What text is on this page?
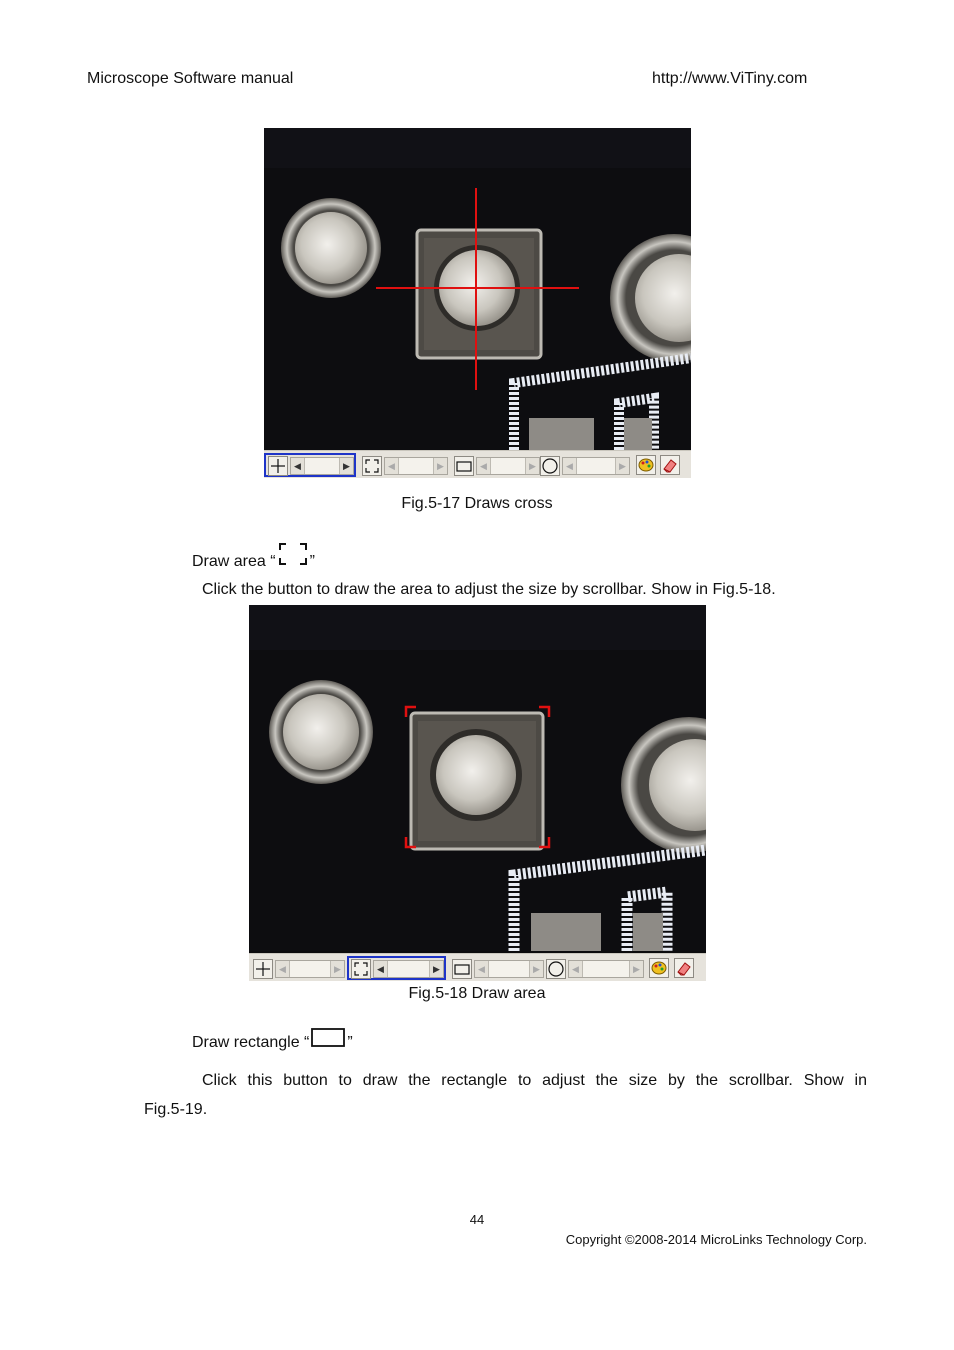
Microscope Software manual	http://www.ViTiny.com
◀	▶	◀	▶	◀	▶	◀	▶
Fig.5-17 Draws cross
Draw area “ ”
Click the button to draw the area to adjust the size by scrollbar. Show in Fig.5-18.
◀	▶	◀	▶	◀	▶	◀	▶
Fig.5-18 Draw area
Draw rectangle “ ”
Click this button to draw the rectangle to adjust the size by the scrollbar. Show in
Fig.5-19.
44
Copyright ©2008-2014 MicroLinks Technology Corp.
